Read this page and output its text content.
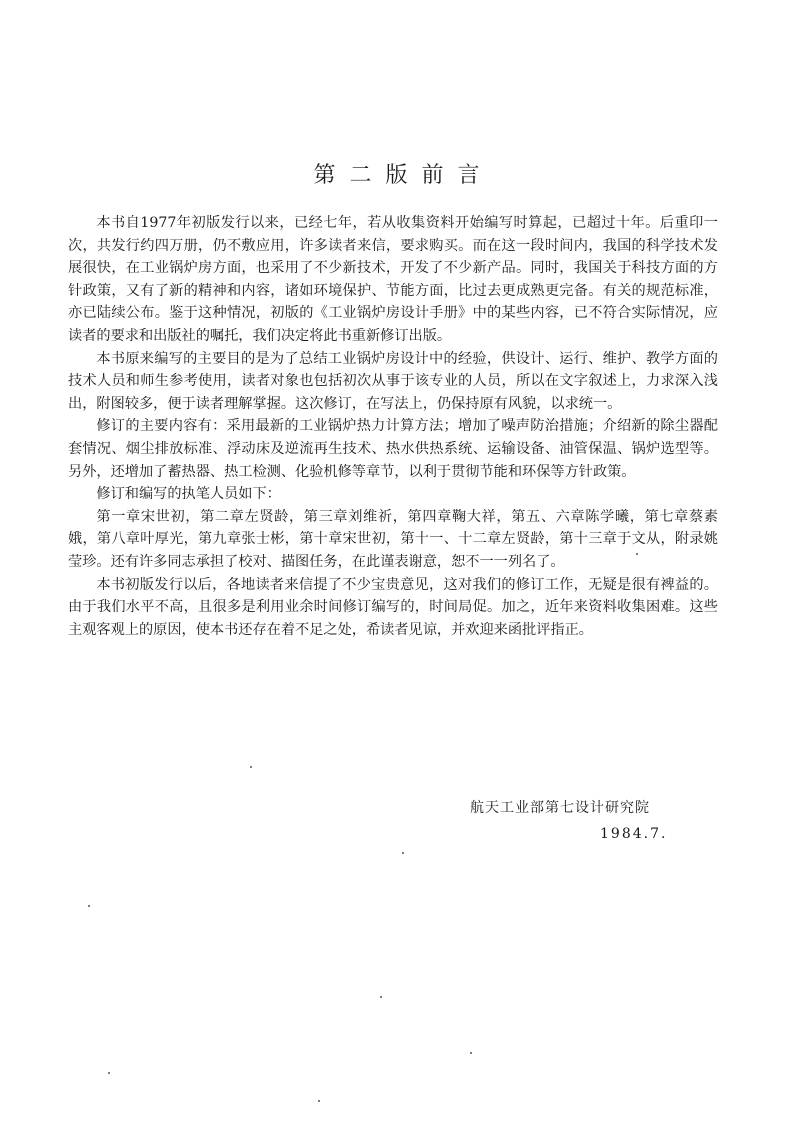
第二版前言

本书自1977年初版发行以来，已经七年，若从收集资料开始编写时算起，已超过十年。后重印一次，共发行约四万册，仍不敷应用，许多读者来信，要求购买。而在这一段时间内，我国的科学技术发展很快，在工业锅炉房方面，也采用了不少新技术，开发了不少新产品。同时，我国关于科技方面的方针政策，又有了新的精神和内容，诸如环境保护、节能方面，比过去更成熟更完备。有关的规范标准，亦已陆续公布。鉴于这种情况，初版的《工业锅炉房设计手册》中的某些内容，已不符合实际情况，应读者的要求和出版社的嘱托，我们决定将此书重新修订出版。

本书原来编写的主要目的是为了总结工业锅炉房设计中的经验，供设计、运行、维护、教学方面的技术人员和师生参考使用，读者对象也包括初次从事于该专业的人员，所以在文字叙述上，力求深入浅出，附图较多，便于读者理解掌握。这次修订，在写法上，仍保持原有风貌，以求统一。

修订的主要内容有：采用最新的工业锅炉热力计算方法；增加了噪声防治措施；介绍新的除尘器配套情况、烟尘排放标准、浮动床及逆流再生技术、热水供热系统、运输设备、油管保温、锅炉选型等。另外，还增加了蓄热器、热工检测、化验机修等章节，以利于贯彻节能和环保等方针政策。

修订和编写的执笔人员如下：

第一章宋世初，第二章左贤龄，第三章刘维祈，第四章鞠大祥，第五、六章陈学曦，第七章蔡素娥，第八章叶厚光，第九章张士彬，第十章宋世初，第十一、十二章左贤龄，第十三章于文从，附录姚莹珍。还有许多同志承担了校对、描图任务，在此谨表谢意，恕不一一列名了。

本书初版发行以后，各地读者来信提了不少宝贵意见，这对我们的修订工作，无疑是很有裨益的。由于我们水平不高，且很多是利用业余时间修订编写的，时间局促。加之，近年来资料收集困难。这些主观客观上的原因，使本书还存在着不足之处，希读者见谅，并欢迎来函批评指正。

航天工业部第七设计研究院
1984.7.
